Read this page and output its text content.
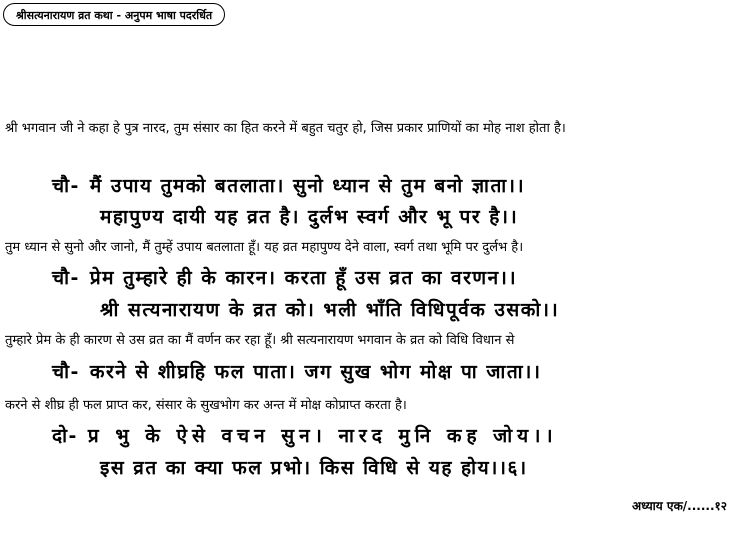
श्रीसत्यनारायण व्रत कथा - अनुपम भाषा पदरर्धित
श्री भगवान जी ने कहा हे पुत्र नारद, तुम संसार का हित करने में बहुत चतुर हो, जिस प्रकार प्राणियों का मोह नाश होता है।
चौ- मैं उपाय तुमको बतलाता। सुनो ध्यान से तुम बनो ज्ञाता।।
महापुण्य दायी यह व्रत है। दुर्लभ स्वर्ग और भू पर है।।
तुम ध्यान से सुनो और जानो, मैं तुम्हें उपाय बतलाता हूँ। यह व्रत महापुण्य देने वाला, स्वर्ग तथा भूमि पर दुर्लभ है।
चौ- प्रेम तुम्हारे ही के कारन। करता हूँ उस व्रत का वरणन।।
श्री सत्यनारायण के व्रत को। भली भाँति विधिपूर्वक उसको।।
तुम्हारे प्रेम के ही कारण से उस व्रत का मैं वर्णन कर रहा हूँ। श्री सत्यनारायण भगवान के व्रत को विधि विधान से
चौ- करने से शीघ्रहि फल पाता। जग सुख भोग मोक्ष पा जाता।।
करने से शीघ्र ही फल प्राप्त कर, संसार के सुखभोग कर अन्त में मोक्ष कोप्राप्त करता है।
दो- प्र भु के ऐसे वचन सुन। नारद मुनि कह जोय।।
इस व्रत का क्या फल प्रभो। किस विधि से यह होय।।६।
अध्याय एक/......१२
